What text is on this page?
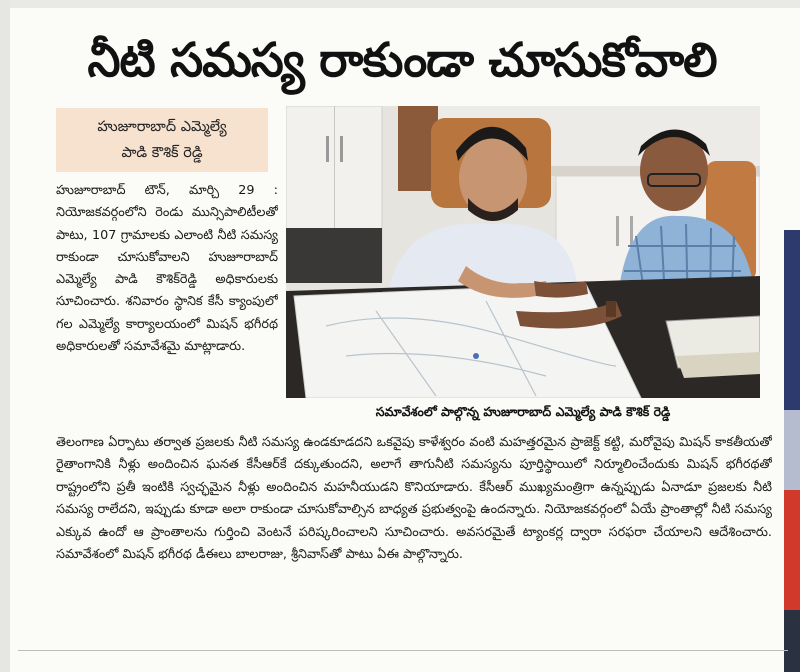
నీటి సమస్య రాకుండా చూసుకోవాలి
హుజూరాబాద్ ఎమ్మెల్యే
పాడి కౌశిక్ రెడ్డి
సమావేశంలో పాల్గొన్న హుజూరాబాద్ ఎమ్మెల్యే పాడి కౌశిక్ రెడ్డి
హుజూరాబాద్ టౌన్, మార్చి 29 : నియోజకవర్గంలోని రెండు మున్సిపాలిటీలతో పాటు, 107 గ్రామాలకు ఎలాంటి నీటి సమస్య రాకుండా చూసుకోవాలని హుజూరాబాద్ ఎమ్మెల్యే పాడి కౌశిక్‌రెడ్డి అధికారులకు సూచించారు. శనివారం స్థానిక కేసీ క్యాంపులో గల ఎమ్మెల్యే కార్యాలయంలో మిషన్ భగీరథ అధికారులతో సమావేశమై మాట్లాడారు.
తెలంగాణ ఏర్పాటు తర్వాత ప్రజలకు నీటి సమస్య ఉండకూడదని ఒకవైపు కాళేశ్వరం వంటి మహత్తరమైన ప్రాజెక్ట్ కట్టి, మరోవైపు మిషన్ కాకతీయతో రైతాంగానికి నీళ్లు అందించిన ఘనత కేసీఆర్‌కే దక్కుతుందని, అలాగే తాగునీటి సమస్యను పూర్తిస్థాయిలో నిర్మూలించేందుకు మిషన్ భగీరథతో రాష్ట్రంలోని ప్రతీ ఇంటికి స్వచ్ఛమైన నీళ్లు అందించిన మహనీయుడని కొనియాడారు. కేసీఆర్ ముఖ్యమంత్రిగా ఉన్నప్పుడు ఏనాడూ ప్రజలకు నీటి సమస్య రాలేదని, ఇప్పుడు కూడా అలా రాకుండా చూసుకోవాల్సిన బాధ్యత ప్రభుత్వంపై ఉందన్నారు. నియోజకవర్గంలో ఏయే ప్రాంతాల్లో నీటి సమస్య ఎక్కువ ఉందో ఆ ప్రాంతాలను గుర్తించి వెంటనే పరిష్కరించాలని సూచించారు. అవసరమైతే ట్యాంకర్ల ద్వారా సరఫరా చేయాలని ఆదేశించారు. సమావేశంలో మిషన్ భగీరథ డీఈలు బాలరాజు, శ్రీనివాస్‌తో పాటు ఏఈ పాల్గొన్నారు.
